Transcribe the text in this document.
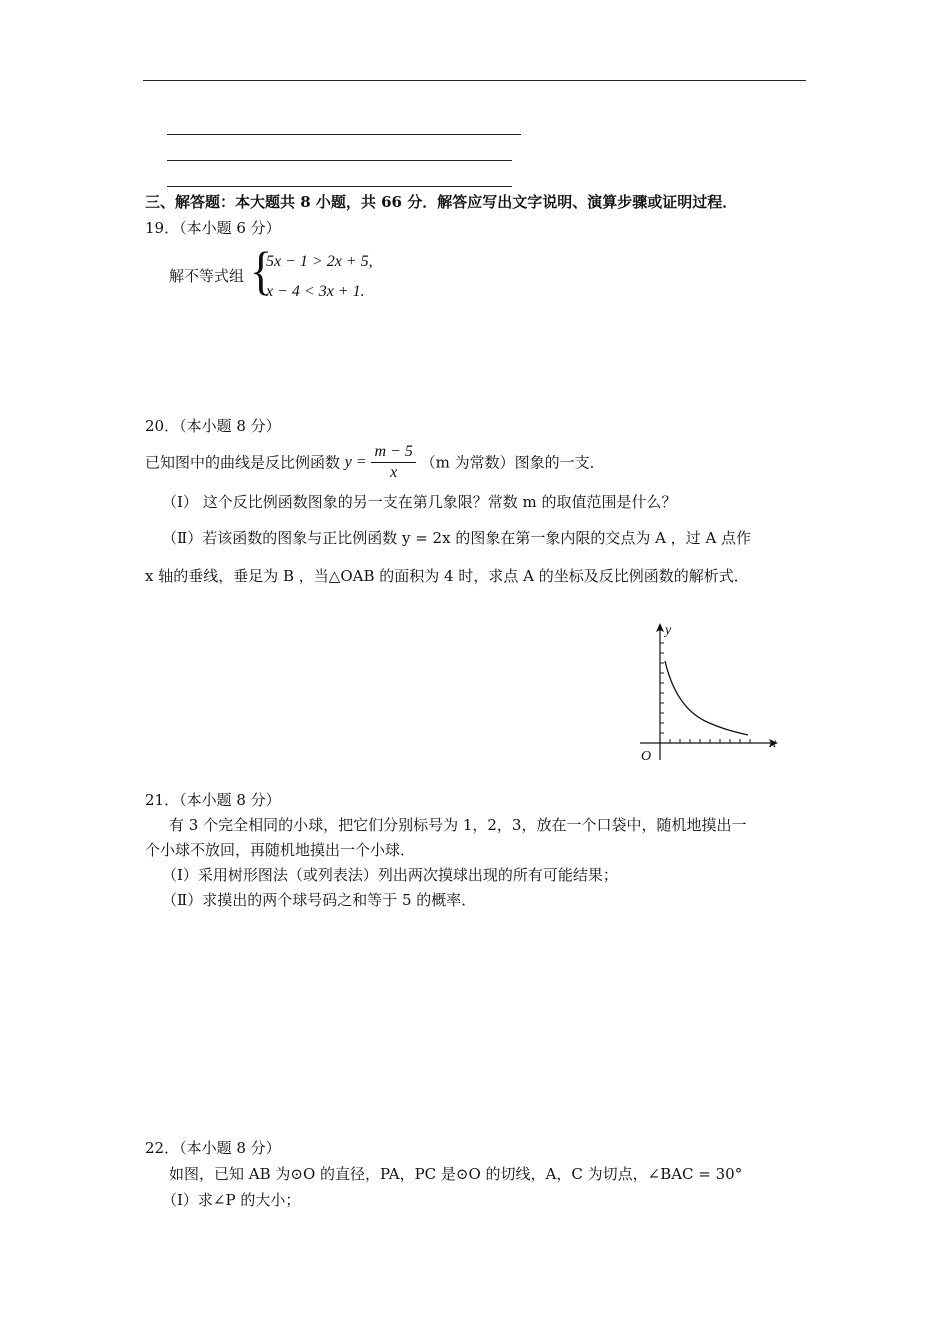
三、解答题：本大题共 8 小题，共 66 分．解答应写出文字说明、演算步骤或证明过程．
19．（本小题 6 分）
解不等式组 {
5x − 1 > 2x + 5,
x − 4 < 3x + 1.
20．（本小题 8 分）
已知图中的曲线是反比例函数 $y = \frac{m - 5}{x} (m$ 为常数）图象的一支．
（Ⅰ） 这个反比例函数图象的另一支在第几象限？常数 m 的取值范围是什么？
（Ⅱ）若该函数的图象与正比例函数 y = 2x 的图象在第一象内限的交点为 A ，过 A 点作
x 轴的垂线，垂足为 B ，当△OAB 的面积为 4 时，求点 A 的坐标及反比例函数的解析式．
y
x
O
21．（本小题 8 分）
有 3 个完全相同的小球，把它们分别标号为 1，2，3，放在一个口袋中，随机地摸出一
个小球不放回，再随机地摸出一个小球．
（Ⅰ）采用树形图法（或列表法）列出两次摸球出现的所有可能结果；
（Ⅱ）求摸出的两个球号码之和等于 5 的概率．
22．（本小题 8 分）
如图，已知 AB 为⊙O 的直径，PA，PC 是⊙O 的切线，A，C 为切点，∠BAC = 30°
（Ⅰ）求∠P 的大小；
